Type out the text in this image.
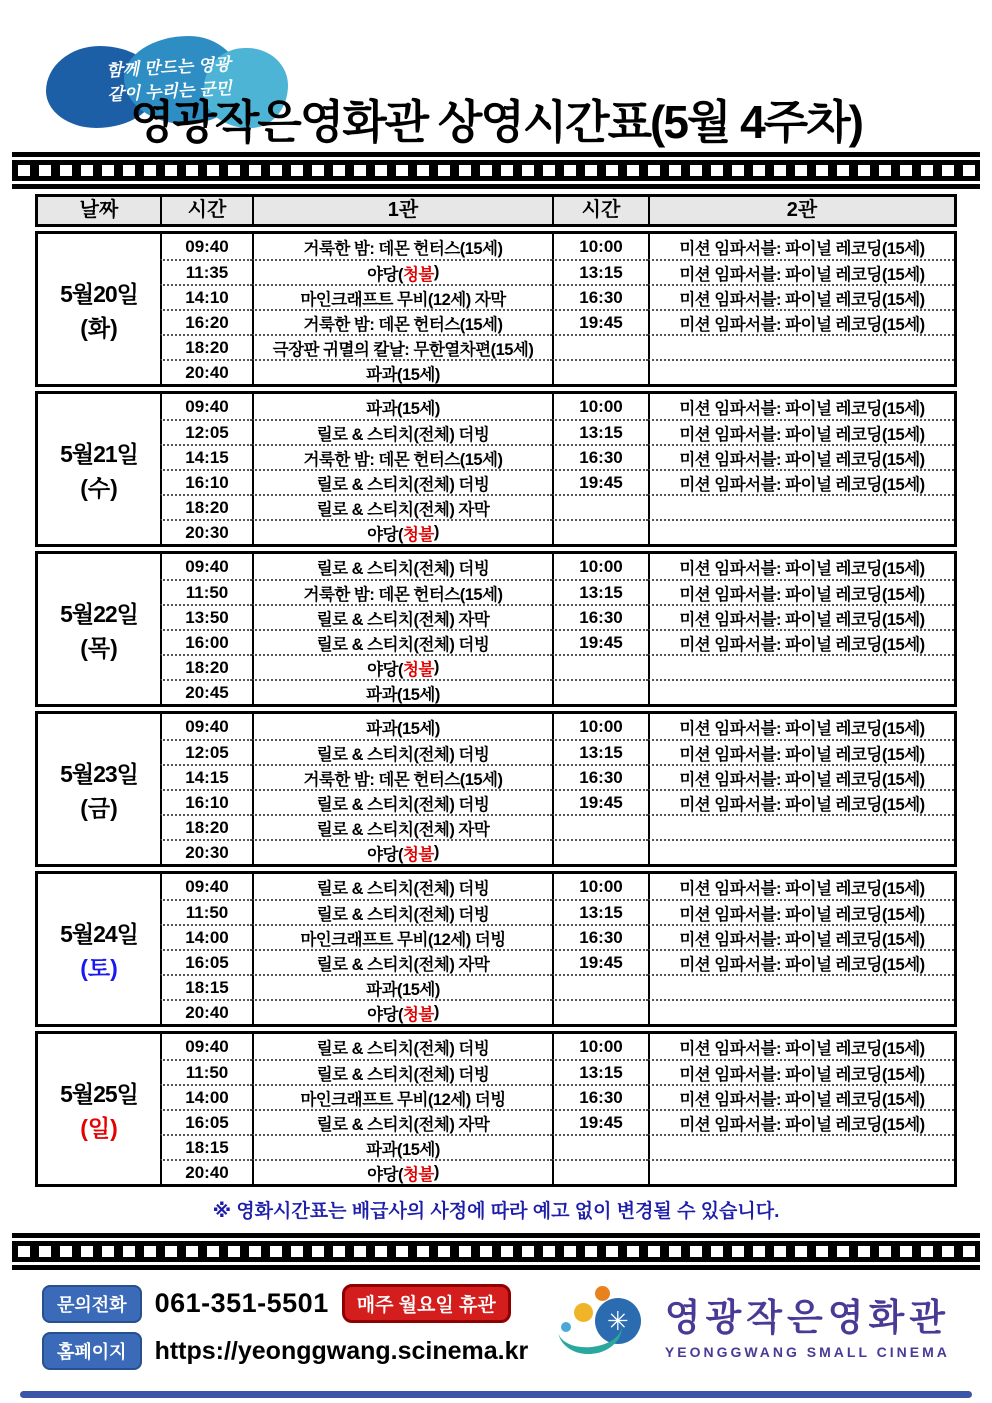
함께 만드는 영광
같이 누리는 군민
영광작은영화관 상영시간표(5월 4주차)
날짜	시간	1관	시간	2관
5월20일
(화)
09:40	거룩한 밤: 데몬 헌터스(15세)	10:00	미션 임파서블: 파이널 레코딩(15세)
11:35	야당( 청불 )	13:15	미션 임파서블: 파이널 레코딩(15세)
14:10	마인크래프트 무비(12세) 자막	16:30	미션 임파서블: 파이널 레코딩(15세)
16:20	거룩한 밤: 데몬 헌터스(15세)	19:45	미션 임파서블: 파이널 레코딩(15세)
18:20	극장판 귀멸의 칼날: 무한열차편(15세)
20:40	파과(15세)
5월21일
(수)
09:40	파과(15세)	10:00	미션 임파서블: 파이널 레코딩(15세)
12:05	릴로 & 스티치(전체) 더빙	13:15	미션 임파서블: 파이널 레코딩(15세)
14:15	거룩한 밤: 데몬 헌터스(15세)	16:30	미션 임파서블: 파이널 레코딩(15세)
16:10	릴로 & 스티치(전체) 더빙	19:45	미션 임파서블: 파이널 레코딩(15세)
18:20	릴로 & 스티치(전체) 자막
20:30	야당( 청불 )
5월22일
(목)
09:40	릴로 & 스티치(전체) 더빙	10:00	미션 임파서블: 파이널 레코딩(15세)
11:50	거룩한 밤: 데몬 헌터스(15세)	13:15	미션 임파서블: 파이널 레코딩(15세)
13:50	릴로 & 스티치(전체) 자막	16:30	미션 임파서블: 파이널 레코딩(15세)
16:00	릴로 & 스티치(전체) 더빙	19:45	미션 임파서블: 파이널 레코딩(15세)
18:20	야당( 청불 )
20:45	파과(15세)
5월23일
(금)
09:40	파과(15세)	10:00	미션 임파서블: 파이널 레코딩(15세)
12:05	릴로 & 스티치(전체) 더빙	13:15	미션 임파서블: 파이널 레코딩(15세)
14:15	거룩한 밤: 데몬 헌터스(15세)	16:30	미션 임파서블: 파이널 레코딩(15세)
16:10	릴로 & 스티치(전체) 더빙	19:45	미션 임파서블: 파이널 레코딩(15세)
18:20	릴로 & 스티치(전체) 자막
20:30	야당( 청불 )
5월24일
(토)
09:40	릴로 & 스티치(전체) 더빙	10:00	미션 임파서블: 파이널 레코딩(15세)
11:50	릴로 & 스티치(전체) 더빙	13:15	미션 임파서블: 파이널 레코딩(15세)
14:00	마인크래프트 무비(12세) 더빙	16:30	미션 임파서블: 파이널 레코딩(15세)
16:05	릴로 & 스티치(전체) 자막	19:45	미션 임파서블: 파이널 레코딩(15세)
18:15	파과(15세)
20:40	야당( 청불 )
5월25일
(일)
09:40	릴로 & 스티치(전체) 더빙	10:00	미션 임파서블: 파이널 레코딩(15세)
11:50	릴로 & 스티치(전체) 더빙	13:15	미션 임파서블: 파이널 레코딩(15세)
14:00	마인크래프트 무비(12세) 더빙	16:30	미션 임파서블: 파이널 레코딩(15세)
16:05	릴로 & 스티치(전체) 자막	19:45	미션 임파서블: 파이널 레코딩(15세)
18:15	파과(15세)
20:40	야당( 청불 )
※ 영화시간표는 배급사의 사정에 따라 예고 없이 변경될 수 있습니다.
문의전화	061-351-5501	매주 월요일 휴관
홈페이지	https://yeonggwang.scinema.kr
✳ 영광작은영화관
YEONGGWANG SMALL CINEMA
